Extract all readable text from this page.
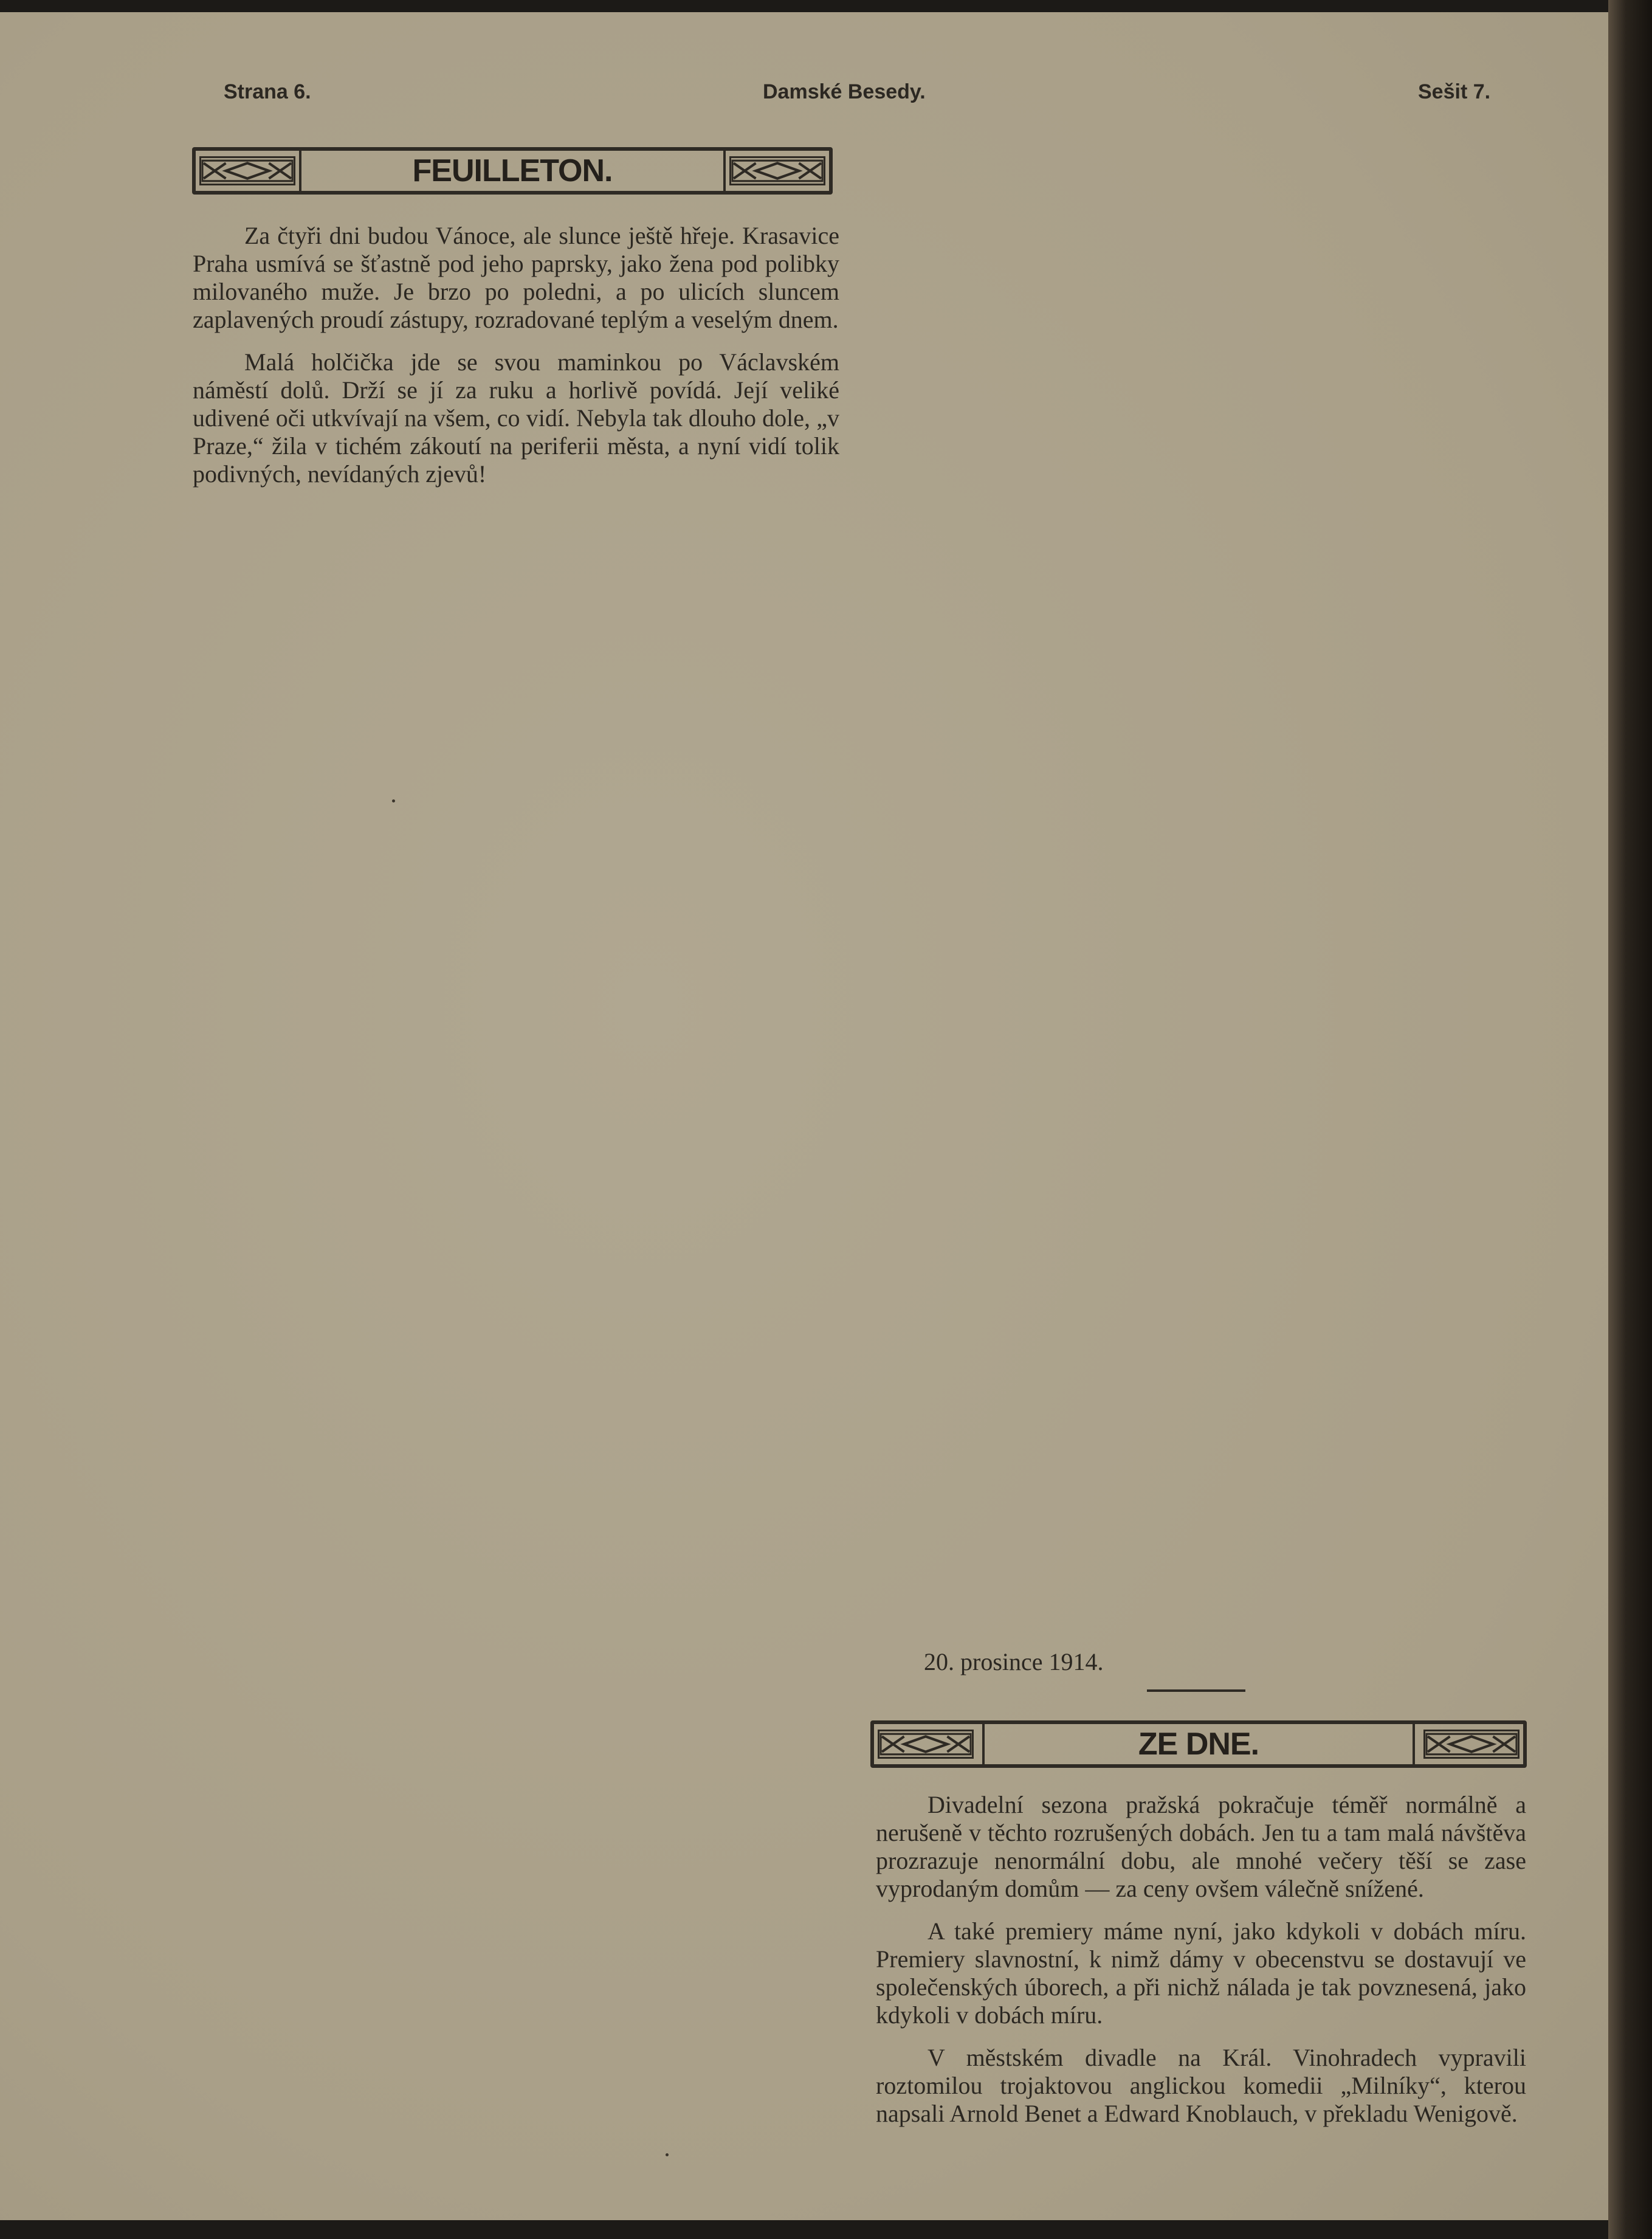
Strana 6.	Damské Besedy.	Sešit 7.
FEUILLETON.

Za čtyři dni budou Vánoce, ale slunce ještě hřeje. Krasavice Praha usmívá se šťastně pod jeho paprsky, jako žena pod polibky milovaného muže. Je brzo po poledni, a po ulicích sluncem zaplavených proudí zástupy, rozradované teplým a veselým dnem.

Malá holčička jde se svou maminkou po Václavském náměstí dolů. Drží se jí za ruku a horlivě povídá. Její veliké udivené oči utkvívají na všem, co vidí. Nebyla tak dlouho dole, „v Praze,“ žila v tichém zákoutí na periferii města, a nyní vidí tolik podivných, nevídaných zjevů!

20. prosince 1914.
ZE DNE.

Divadelní sezona pražská pokračuje téměř normálně a nerušeně v těchto rozrušených dobách. Jen tu a tam malá návštěva prozrazuje nenormální dobu, ale mnohé večery těší se zase vyprodaným domům — za ceny ovšem válečně snížené.

A také premiery máme nyní, jako kdykoli v dobách míru. Premiery slavnostní, k nimž dámy v obecenstvu se dostavují ve společenských úborech, a při nichž nálada je tak povznesená, jako kdykoli v dobách míru.

V městském divadle na Král. Vinohradech vypravili roztomilou trojaktovou anglickou komedii „Milníky“, kterou napsali Arnold Benet a Edward Knoblauch, v překladu Wenigově.
